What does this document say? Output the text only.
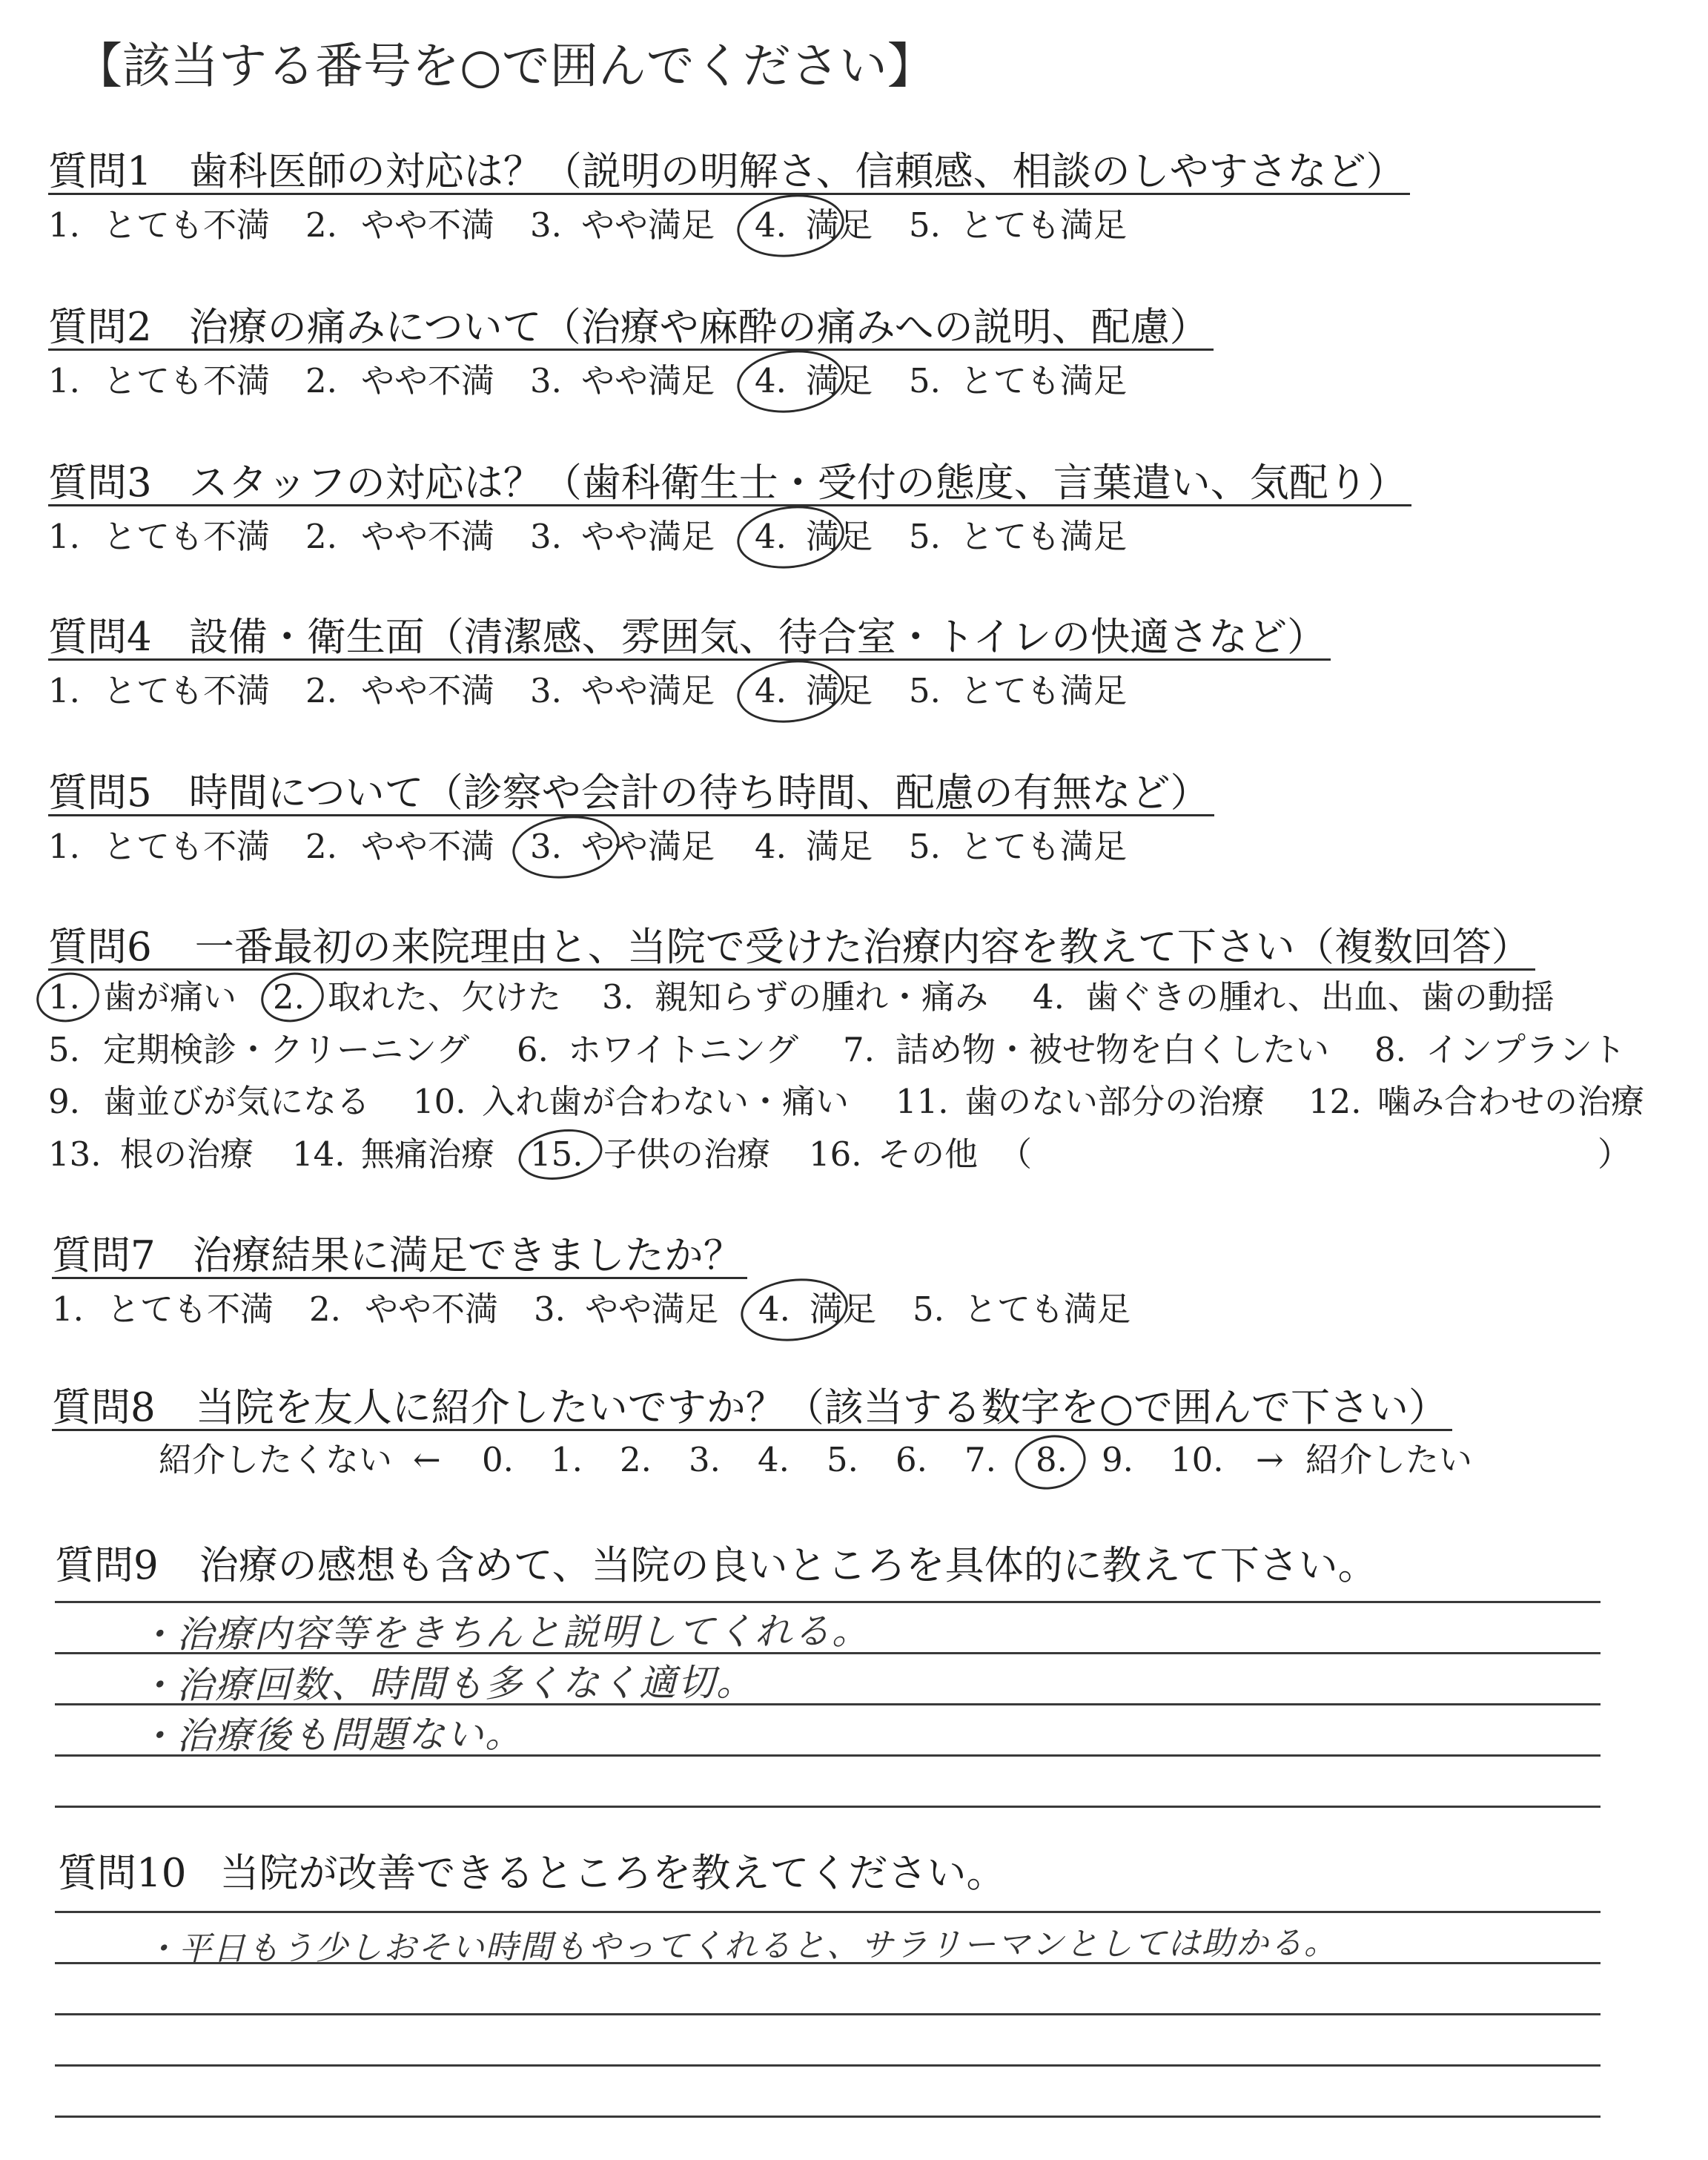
【該当する番号を○で囲んでください】
質問1 歯科医師の対応は？（説明の明解さ、信頼感、相談のしやすさなど）
1. とても不満 2. やや不満 3. やや満足 4. 満足 5. とても満足
質問2 治療の痛みについて（治療や麻酔の痛みへの説明、配慮）
1. とても不満 2. やや不満 3. やや満足 4. 満足 5. とても満足
質問3 スタッフの対応は？（歯科衛生士・受付の態度、言葉遣い、気配り）
1. とても不満 2. やや不満 3. やや満足 4. 満足 5. とても満足
質問4 設備・衛生面（清潔感、雰囲気、待合室・トイレの快適さなど）
1. とても不満 2. やや不満 3. やや満足 4. 満足 5. とても満足
質問5 時間について（診察や会計の待ち時間、配慮の有無など）
1. とても不満 2. やや不満 3. やや満足 4. 満足 5. とても満足
質問6 一番最初の来院理由と、当院で受けた治療内容を教えて下さい（複数回答）
1. 歯が痛い 2. 取れた、欠けた 3. 親知らずの腫れ・痛み 4. 歯ぐきの腫れ、出血、歯の動揺
5. 定期検診・クリーニング 6. ホワイトニング 7. 詰め物・被せ物を白くしたい 8. インプラント
9. 歯並びが気になる 10. 入れ歯が合わない・痛い 11. 歯のない部分の治療 12. 噛み合わせの治療
13. 根の治療 14. 無痛治療 15. 子供の治療 16. その他 （	）
質問7 治療結果に満足できましたか？
1. とても不満 2. やや不満 3. やや満足 4. 満足 5. とても満足
質問8 当院を友人に紹介したいですか？（該当する数字を○で囲んで下さい）
紹介したくない ← 0. 1. 2. 3. 4. 5. 6. 7. 8. 9. 10. → 紹介したい
質問9 治療の感想も含めて、当院の良いところを具体的に教えて下さい。
・治療内容等をきちんと説明してくれる。
・治療回数、時間も多くなく適切。
・治療後も問題ない。
質問10 当院が改善できるところを教えてください。
・平日もう少しおそい時間もやってくれると、サラリーマンとしては助かる。
